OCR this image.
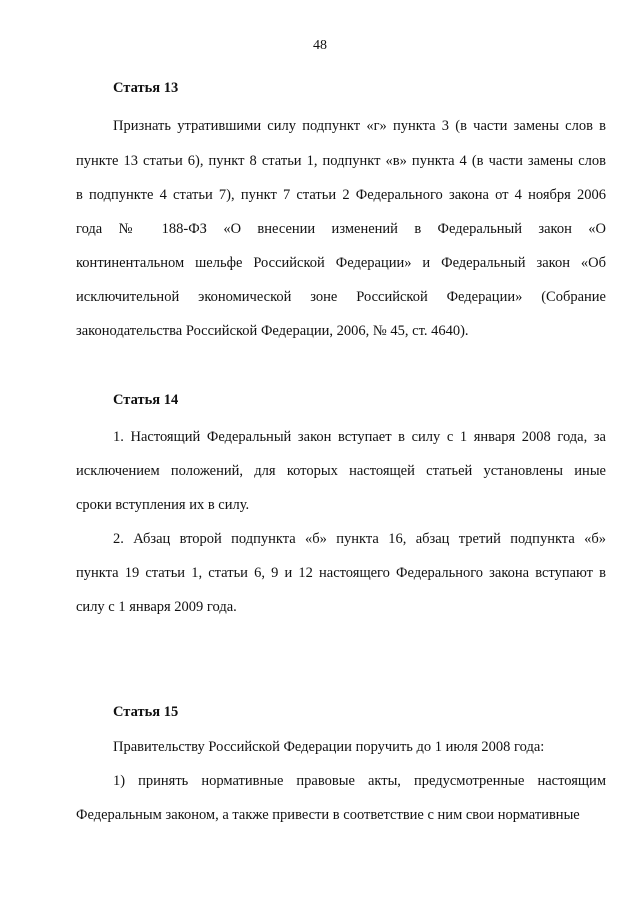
48
Статья 13
Признать утратившими силу подпункт «г» пункта 3 (в части замены слов в
пункте 13 статьи 6), пункт 8 статьи 1, подпункт «в» пункта 4 (в части замены слов
в подпункте 4 статьи 7), пункт 7 статьи 2 Федерального закона от 4 ноября 2006
года № 188-ФЗ «О внесении изменений в Федеральный закон «О
континентальном шельфе Российской Федерации» и Федеральный закон «Об
исключительной экономической зоне Российской Федерации» (Собрание
законодательства Российской Федерации, 2006, № 45, ст. 4640).
Статья 14
1. Настоящий Федеральный закон вступает в силу с 1 января 2008 года, за
исключением положений, для которых настоящей статьей установлены иные
сроки вступления их в силу.
2. Абзац второй подпункта «б» пункта 16, абзац третий подпункта «б»
пункта 19 статьи 1, статьи 6, 9 и 12 настоящего Федерального закона вступают в
силу с 1 января 2009 года.
Статья 15
Правительству Российской Федерации поручить до 1 июля 2008 года:
1) принять нормативные правовые акты, предусмотренные настоящим
Федеральным законом, а также привести в соответствие с ним свои нормативные
